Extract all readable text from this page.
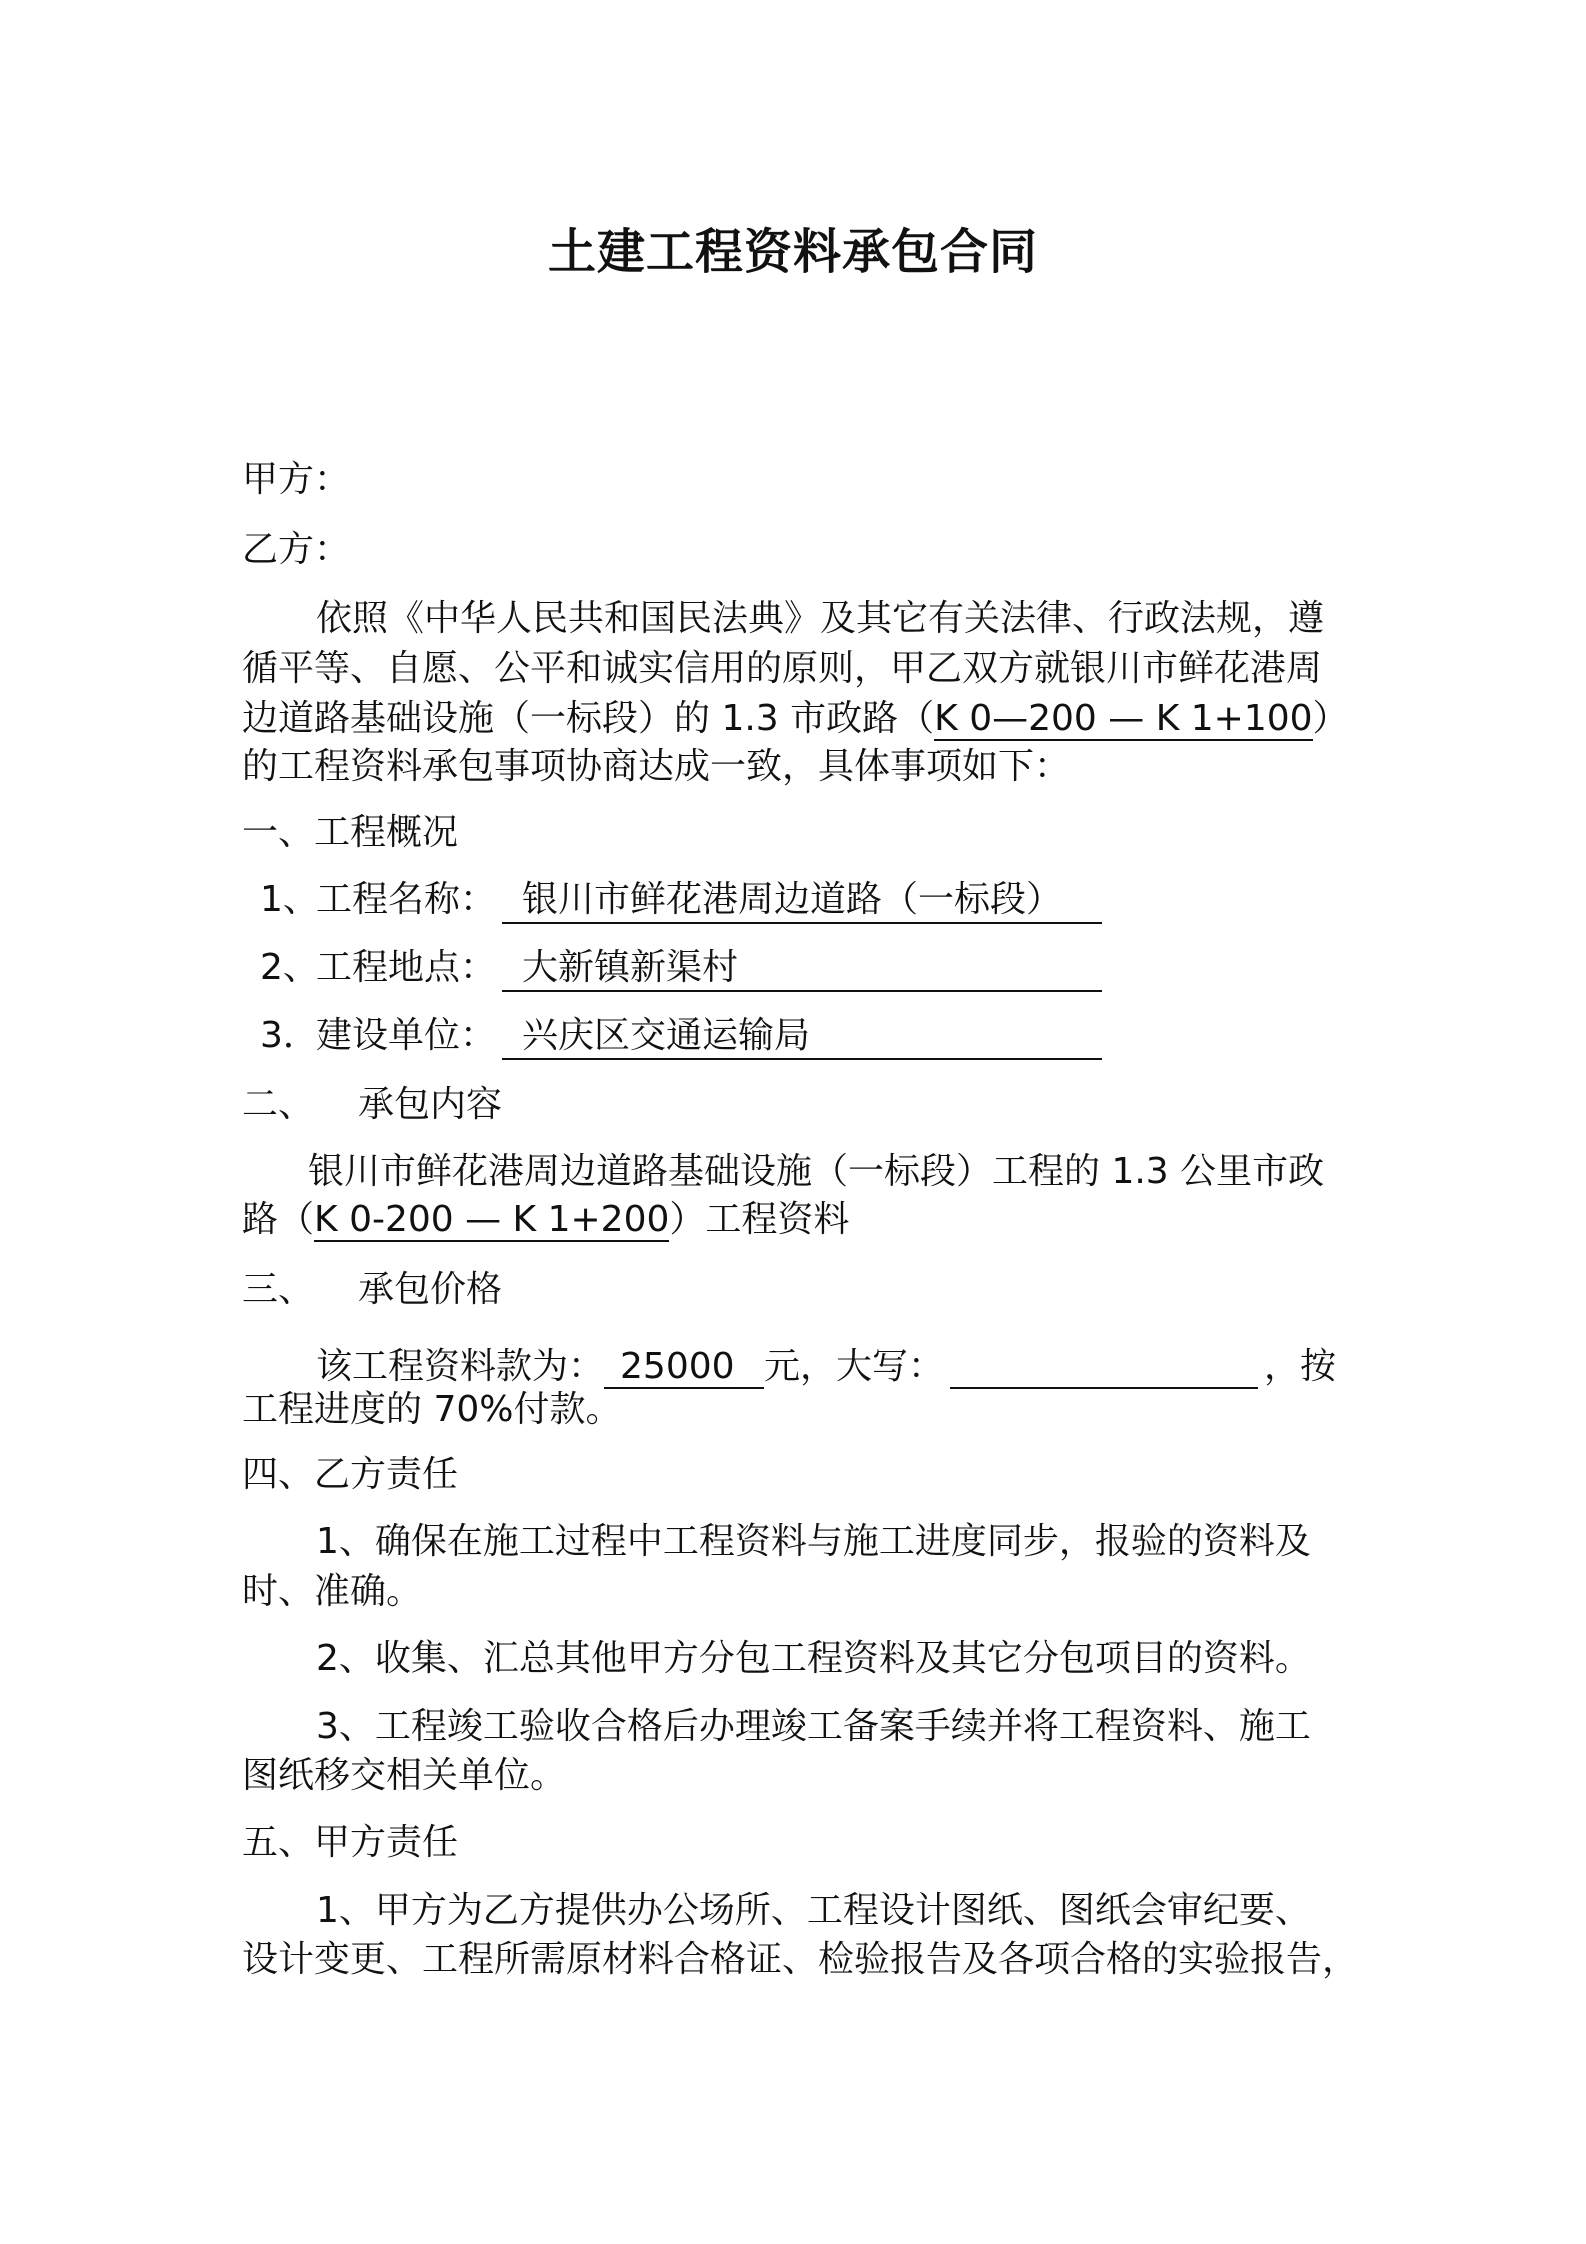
土建工程资料承包合同
甲方：
乙方：
依照《中华人民共和国民法典》及其它有关法律、行政法规，遵
循平等、自愿、公平和诚实信用的原则，甲乙双方就银川市鲜花港周
边道路基础设施（一标段）的 1.3 市政路（K 0—200 — K 1+100）
的工程资料承包事项协商达成一致，具体事项如下：
一、工程概况
1、工程名称： 银川市鲜花港周边道路（一标段）
2、工程地点： 大新镇新渠村
3．建设单位： 兴庆区交通运输局
二、 承包内容
银川市鲜花港周边道路基础设施（一标段）工程的 1.3 公里市政
路（K 0-200 — K 1+200）工程资料
三、 承包价格
该工程资料款为： 25000 元，大写：	，按
工程进度的 70%付款。
四、乙方责任
1、确保在施工过程中工程资料与施工进度同步，报验的资料及
时、准确。
2、收集、汇总其他甲方分包工程资料及其它分包项目的资料。
3、工程竣工验收合格后办理竣工备案手续并将工程资料、施工
图纸移交相关单位。
五、甲方责任
1、甲方为乙方提供办公场所、工程设计图纸、图纸会审纪要、
设计变更、工程所需原材料合格证、检验报告及各项合格的实验报告，
